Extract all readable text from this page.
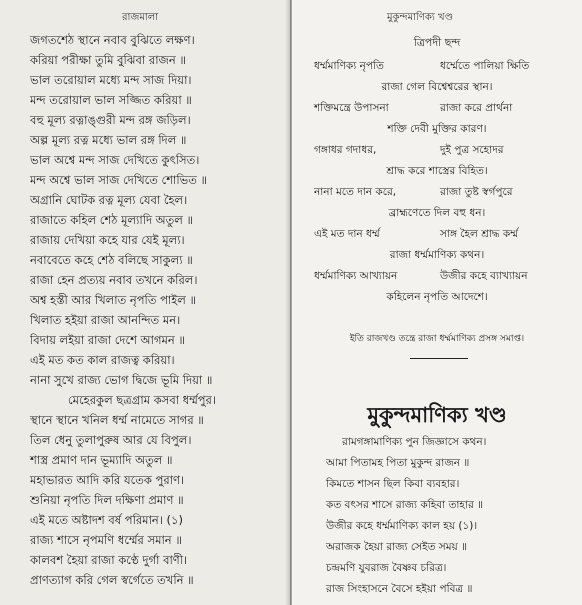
রাজমালা
জগতশেঠ স্থানে নবাব বুঝিতে লক্ষণ।
করিয়া পরীক্ষা তুমি বুঝিবা রাজন ॥
ভাল তরোয়াল মধ্যে মন্দ সাজ দিয়া।
মন্দ তরোয়াল ভাল সজ্জিত করিয়া ॥
বহু মূল্য রত্নাঙ্গুরী মন্দ রঙ্গ জড়িল।
অল্প মূল্য রত্ন মধ্যে ভাল রঙ্গ দিল ॥
ভাল অশ্বে মন্দ সাজ দেখিতে কুৎসিত।
মন্দ অশ্বে ভাল সাজ দেখিতে শোভিত ॥
অগ্রানি ঘোটক রত্ন মূল্য যেবা হৈল।
রাজাতে কহিল শেঠ মূল্যাদি অতুল ॥
রাজায় দেখিয়া কহে যার যেই মূল্য।
নবাবেতে কহে শেঠ বলিছে সাকুল্য ॥
রাজা হেন প্রত্যয় নবাব তখনে করিল।
অশ্ব হস্তী আর খিলাত নৃপতি পাইল ॥
খিলাত হইয়া রাজা আনন্দিত মন।
বিদায় লইয়া রাজা দেশে আগমন ॥
এই মত কত কাল রাজত্ব করিয়া।
নানা সুখে রাজ্য ভোগ দ্বিজে ভূমি দিয়া ॥
মেহেরকুল ছত্রগ্রাম কসবা ধর্ম্মপুর।
স্থানে স্থানে খনিল ধর্ম্ম নামেতে সাগর ॥
তিল ধেনু তুলাপুরুষ আর যে বিপুল।
শাস্ত্র প্রমাণ দান ভূম্যাদি অতুল ॥
মহাভারত আদি করি যতেক পুরাণ।
শুনিয়া নৃপতি দিল দক্ষিণা প্রমাণ ॥
এই মতে অষ্টাদশ বর্ষ পরিমান। (১)
রাজ্য শাসে নৃপমণি ধর্ম্মের সমান ॥
কালবশ হৈয়া রাজা কণ্ঠে দুর্গা বাণী।
প্রাণত্যাগ করি গেল স্বর্গেতে তখনি ॥
মুকুন্দমাণিক্য খণ্ড
ত্রিপদী ছন্দ
ধর্ম্মমাণিক্য নৃপতি	ধর্ম্মেতে পালিয়া ক্ষিতি
রাজা গেল বিশ্বেশ্বরের স্থান।
শক্তিমন্ত্রে উপাসনা	রাজা করে প্রার্থনা
শক্তি দেবী মুক্তির কারণ।
গঙ্গাধর গদাধর,	দুই পুত্র সহোদর
শ্রাদ্ধ করে শাস্ত্রের বিহিত।
নানা মতে দান করে,	রাজা তুষ্ট স্বর্গপুরে
ব্রাহ্মণেতে দিল বহু ধন।
এই মত দান ধর্ম্ম	সাঙ্গ হৈল শ্রাদ্ধ কর্ম্ম
রাজা ধর্ম্মমাণিক্য কথন।
ধর্ম্মমাণিক্য আখ্যায়ন	উজীর কহে ব্যাখ্যায়ন
কহিলেন নৃপতি আদেশে।
ইতি রাজখণ্ড তন্ত্রে রাজা ধর্ম্মমাণিক্য প্রসঙ্গ সমাপ্ত।
মুকুন্দমাণিক্য খণ্ড
রামগঙ্গামাণিক্য পুন জিজ্ঞাসে কথন।
আমা পিতামহ পিতা মুকুন্দ রাজন ॥
কিমতে শাসন ছিল কিবা ব্যবহার।
কত বৎসর শাসে রাজ্য কহিবা তাহার ॥
উজীর কহে ধর্ম্মমাণিক্য কাল হয় (১)।
অরাজক হৈয়া রাজ্য সেইত সময় ॥
চন্দ্রমণি যুবরাজ বৈষ্ণব চরিত্র।
রাজ সিংহাসনে বৈসে হইয়া পবিত্র ॥
